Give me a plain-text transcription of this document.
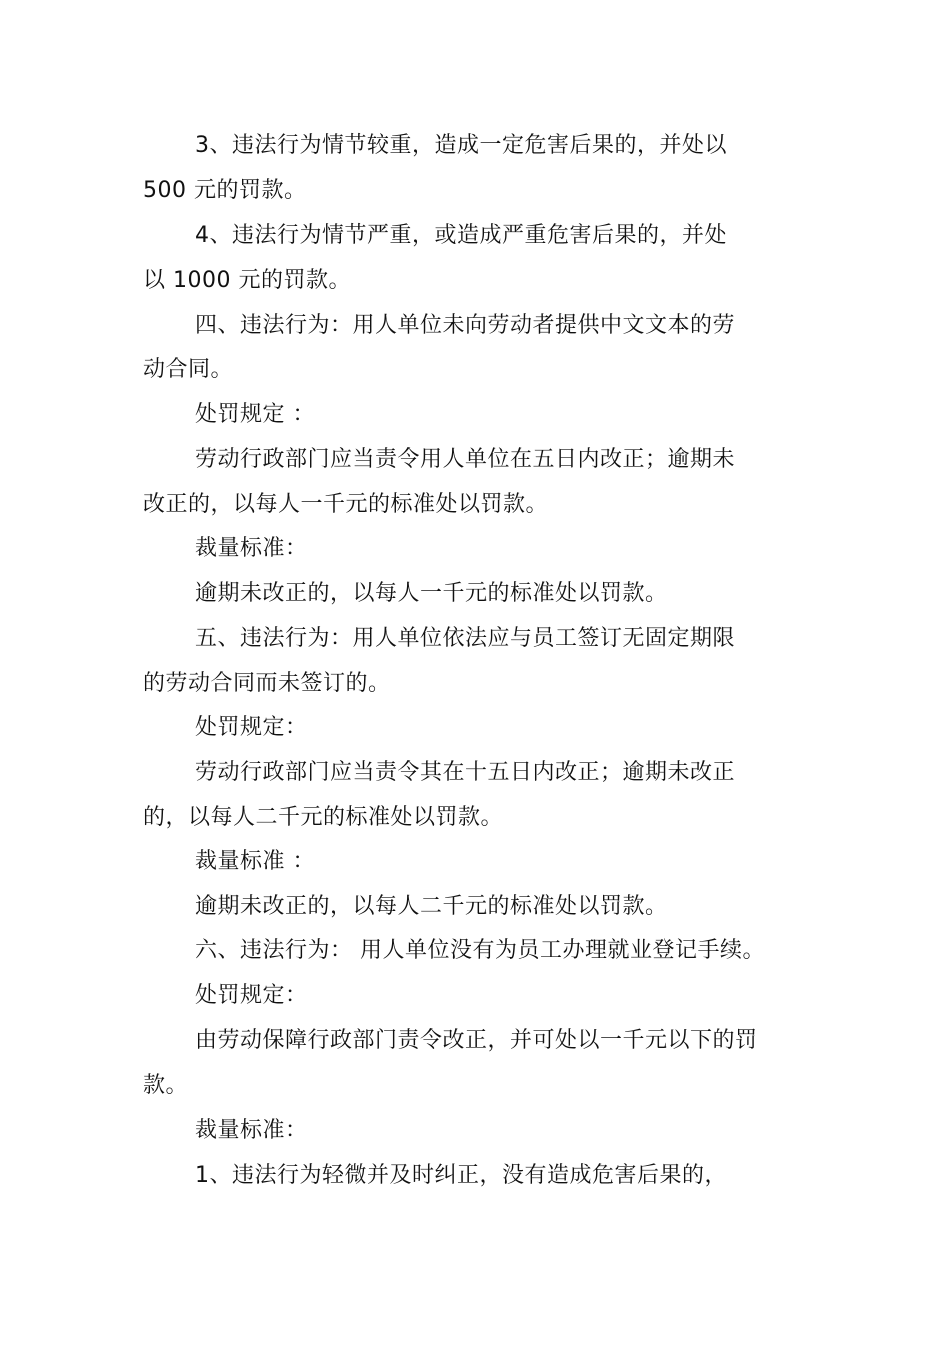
3、违法行为情节较重，造成一定危害后果的，并处以
500 元的罚款。
4、违法行为情节严重，或造成严重危害后果的，并处
以 1000 元的罚款。
四、违法行为：用人单位未向劳动者提供中文文本的劳
动合同。
处罚规定 ：
劳动行政部门应当责令用人单位在五日内改正；逾期未
改正的，以每人一千元的标准处以罚款。
裁量标准：
逾期未改正的，以每人一千元的标准处以罚款。
五、违法行为：用人单位依法应与员工签订无固定期限
的劳动合同而未签订的。
处罚规定：
劳动行政部门应当责令其在十五日内改正；逾期未改正
的，以每人二千元的标准处以罚款。
裁量标准 ：
逾期未改正的，以每人二千元的标准处以罚款。
六、违法行为： 用人单位没有为员工办理就业登记手续。
处罚规定：
由劳动保障行政部门责令改正，并可处以一千元以下的罚
款。
裁量标准：
1、违法行为轻微并及时纠正，没有造成危害后果的，
